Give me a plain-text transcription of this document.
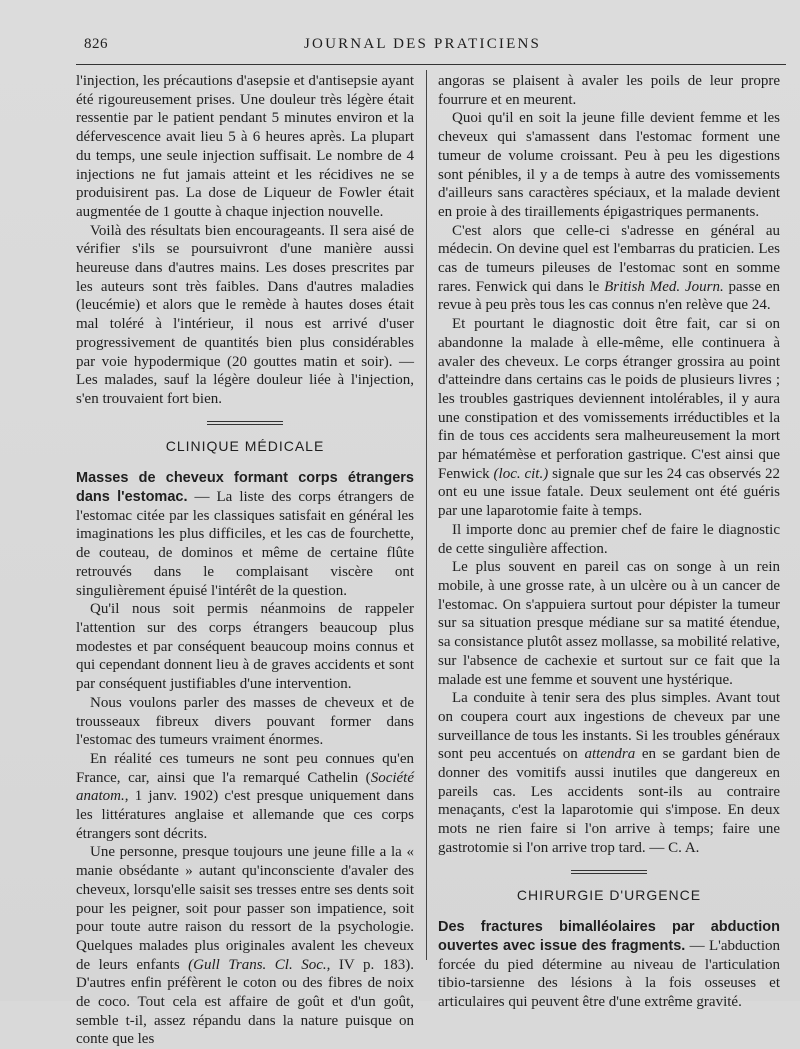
826	JOURNAL DES PRATICIENS

l'injection, les précautions d'asepsie et d'antisepsie ayant été rigoureusement prises. Une douleur très légère était ressentie par le patient pendant 5 minutes environ et la défervescence avait lieu 5 à 6 heures après. La plupart du temps, une seule injection suffisait. Le nombre de 4 injections ne fut jamais atteint et les récidives ne se produisirent pas. La dose de Liqueur de Fowler était augmentée de 1 goutte à chaque injection nouvelle.

Voilà des résultats bien encourageants. Il sera aisé de vérifier s'ils se poursuivront d'une manière aussi heureuse dans d'autres mains. Les doses prescrites par les auteurs sont très faibles. Dans d'autres maladies (leucémie) et alors que le remède à hautes doses était mal toléré à l'intérieur, il nous est arrivé d'user progressivement de quantités bien plus considérables par voie hypodermique (20 gouttes matin et soir). — Les malades, sauf la légère douleur liée à l'injection, s'en trouvaient fort bien.

CLINIQUE MÉDICALE

Masses de cheveux formant corps étrangers dans l'estomac. — La liste des corps étrangers de l'estomac citée par les classiques satisfait en général les imaginations les plus difficiles, et les cas de fourchette, de couteau, de dominos et même de certaine flûte retrouvés dans le complaisant viscère ont singulièrement épuisé l'intérêt de la question.

Qu'il nous soit permis néanmoins de rappeler l'attention sur des corps étrangers beaucoup plus modestes et par conséquent beaucoup moins connus et qui cependant donnent lieu à de graves accidents et sont par conséquent justifiables d'une intervention.

Nous voulons parler des masses de cheveux et de trousseaux fibreux divers pouvant former dans l'estomac des tumeurs vraiment énormes.

En réalité ces tumeurs ne sont peu connues qu'en France, car, ainsi que l'a remarqué Cathelin (Société anatom., 1 janv. 1902) c'est presque uniquement dans les littératures anglaise et allemande que ces corps étrangers sont décrits.

Une personne, presque toujours une jeune fille a la « manie obsédante » autant qu'inconsciente d'avaler des cheveux, lorsqu'elle saisit ses tresses entre ses dents soit pour les peigner, soit pour passer son impatience, soit pour toute autre raison du ressort de la psychologie. Quelques malades plus originales avalent les cheveux de leurs enfants (Gull Trans. Cl. Soc., IV p. 183). D'autres enfin préfèrent le coton ou des fibres de noix de coco. Tout cela est affaire de goût et d'un goût, semble t-il, assez répandu dans la nature puisque on conte que les

angoras se plaisent à avaler les poils de leur propre fourrure et en meurent.

Quoi qu'il en soit la jeune fille devient femme et les cheveux qui s'amassent dans l'estomac forment une tumeur de volume croissant. Peu à peu les digestions sont pénibles, il y a de temps à autre des vomissements d'ailleurs sans caractères spéciaux, et la malade devient en proie à des tiraillements épigastriques permanents.

C'est alors que celle-ci s'adresse en général au médecin. On devine quel est l'embarras du praticien. Les cas de tumeurs pileuses de l'estomac sont en somme rares. Fenwick qui dans le British Med. Journ. passe en revue à peu près tous les cas connus n'en relève que 24.

Et pourtant le diagnostic doit être fait, car si on abandonne la malade à elle-même, elle continuera à avaler des cheveux. Le corps étranger grossira au point d'atteindre dans certains cas le poids de plusieurs livres ; les troubles gastriques deviennent intolérables, il y aura une constipation et des vomissements irréductibles et la fin de tous ces accidents sera malheureusement la mort par hématémèse et perforation gastrique. C'est ainsi que Fenwick (loc. cit.) signale que sur les 24 cas observés 22 ont eu une issue fatale. Deux seulement ont été guéris par une laparotomie faite à temps.

Il importe donc au premier chef de faire le diagnostic de cette singulière affection.

Le plus souvent en pareil cas on songe à un rein mobile, à une grosse rate, à un ulcère ou à un cancer de l'estomac. On s'appuiera surtout pour dépister la tumeur sur sa situation presque médiane sur sa matité étendue, sa consistance plutôt assez mollasse, sa mobilité relative, sur l'absence de cachexie et surtout sur ce fait que la malade est une femme et souvent une hystérique.

La conduite à tenir sera des plus simples. Avant tout on coupera court aux ingestions de cheveux par une surveillance de tous les instants. Si les troubles généraux sont peu accentués on attendra en se gardant bien de donner des vomitifs aussi inutiles que dangereux en pareils cas. Les accidents sont-ils au contraire menaçants, c'est la laparotomie qui s'impose. En deux mots ne rien faire si l'on arrive à temps; faire une gastrotomie si l'on arrive trop tard. — C. A.

CHIRURGIE D'URGENCE

Des fractures bimalléolaires par abduction ouvertes avec issue des fragments. — L'abduction forcée du pied détermine au niveau de l'articulation tibio-tarsienne des lésions à la fois osseuses et articulaires qui peuvent être d'une extrême gravité.
